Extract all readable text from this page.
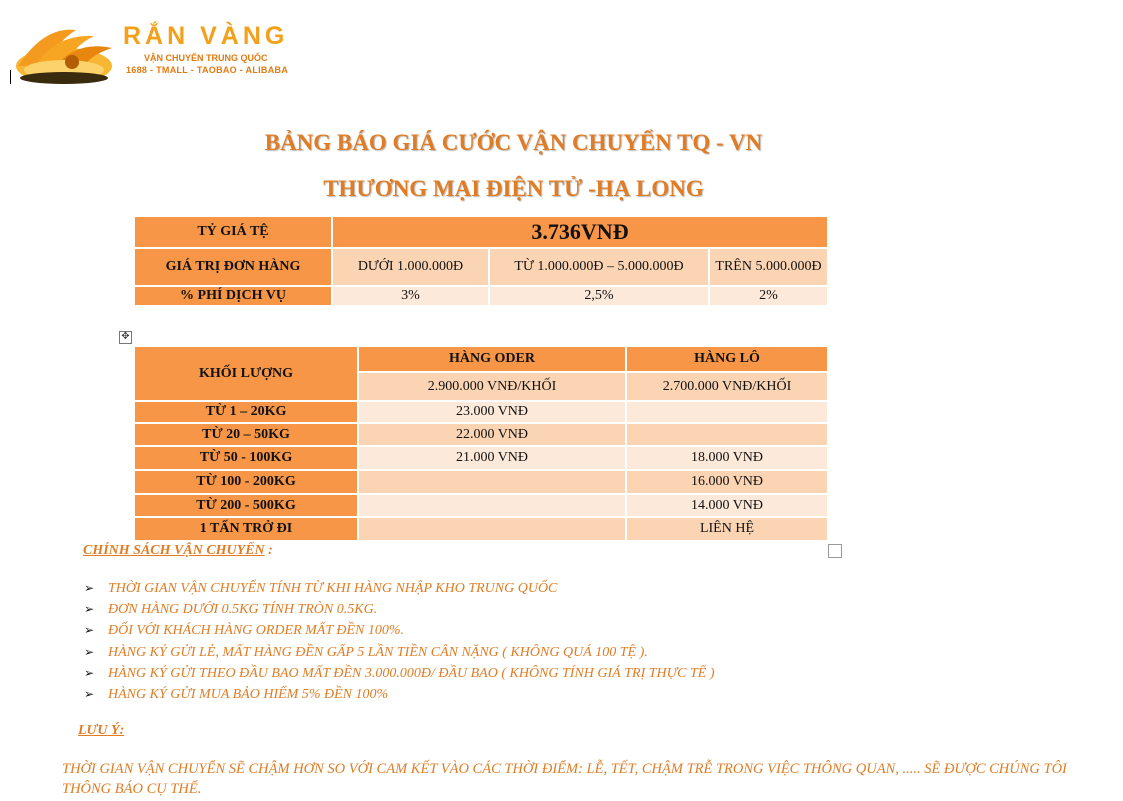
RẮN VÀNG
VẬN CHUYỂN TRUNG QUỐC
1688 - TMALL - TAOBAO - ALIBABA
BẢNG BÁO GIÁ CƯỚC VẬN CHUYỂN TQ - VN
THƯƠNG MẠI ĐIỆN TỬ -HẠ LONG
TỶ GIÁ TỆ	3.736VNĐ		
GIÁ TRỊ ĐƠN HÀNG	DƯỚI 1.000.000Đ	TỪ 1.000.000Đ – 5.000.000Đ	TRÊN 5.000.000Đ
% PHÍ DỊCH VỤ	3%	2,5%	2%
✥
KHỐI LƯỢNG	HÀNG ODER	HÀNG LÔ
	2.900.000 VNĐ/KHỐI	2.700.000 VNĐ/KHỐI
TỪ 1 – 20KG	23.000 VNĐ	
TỪ 20 – 50KG	22.000 VNĐ	
TỪ 50 - 100KG	21.000 VNĐ	18.000 VNĐ
TỪ 100 - 200KG		16.000 VNĐ
TỪ 200 - 500KG		14.000 VNĐ
1 TẤN TRỞ ĐI		LIÊN HỆ
CHÍNH SÁCH VẬN CHUYỂN :
➢ THỜI GIAN VẬN CHUYỂN TÍNH TỪ KHI HÀNG NHẬP KHO TRUNG QUỐC
➢ ĐƠN HÀNG DƯỚI 0.5KG TÍNH TRÒN 0.5KG.
➢ ĐỐI VỚI KHÁCH HÀNG ORDER MẤT ĐỀN 100%.
➢ HÀNG KÝ GỬI LẺ, MẤT HÀNG ĐỀN GẤP 5 LẦN TIỀN CÂN NẶNG ( KHÔNG QUÁ 100 TỆ ).
➢ HÀNG KÝ GỬI THEO ĐẦU BAO MẤT ĐỀN 3.000.000Đ/ ĐẦU BAO ( KHÔNG TÍNH GIÁ TRỊ THỰC TẾ )
➢ HÀNG KÝ GỬI MUA BẢO HIỂM 5% ĐỀN 100%
LƯU Ý:
THỜI GIAN VẬN CHUYỂN SẼ CHẬM HƠN SO VỚI CAM KẾT VÀO CÁC THỜI ĐIỂM: LỄ, TẾT, CHẬM TRỄ TRONG VIỆC THÔNG QUAN, ..... SẼ ĐƯỢC CHÚNG TÔI THÔNG BÁO CỤ THỂ.
